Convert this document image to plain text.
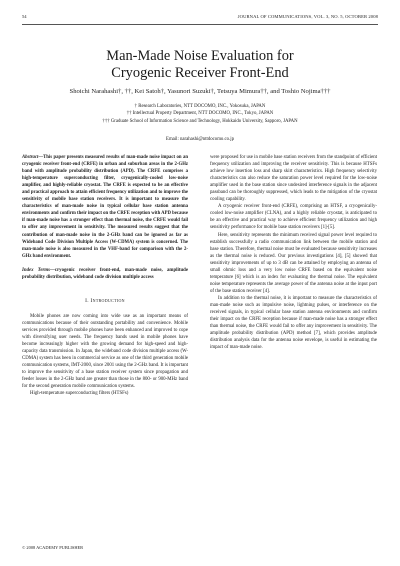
54	JOURNAL OF COMMUNICATIONS, VOL. 3, NO. 5, OCTOBER 2008
Man-Made Noise Evaluation for
Cryogenic Receiver Front-End
Shoichi Narahashi†, ††, Kei Satoh†, Yasunori Suzuki†, Tetsuya Mimura††, and Toshio Nojima†††
† Research Laboratories, NTT DOCOMO, INC., Yokosuka, JAPAN
†† Intellectual Property Department, NTT DOCOMO, INC., Tokyo, JAPAN
††† Graduate School of Information Science and Technology, Hokkaido University, Sapporo, JAPAN
Email: narahashi@nttdocomo.co.jp

Abstract—This paper presents measured results of man-made noise impact on an cryogenic receiver front-end (CRFE) in urban and suburban areas in the 2-GHz band with amplitude probability distribution (APD). The CRFE comprises a high-temperature superconducting filter, cryogenically-cooled low-noise amplifier, and highly-reliable cryostat. The CRFE is expected to be an effective and practical approach to attain efficient frequency utilization and to improve the sensitivity of mobile base station receivers. It is important to measure the characteristics of man-made noise in typical cellular base station antenna environments and confirm their impact on the CRFE reception with APD because if man-made noise has a stronger effect than thermal noise, the CRFE would fail to offer any improvement in sensitivity. The measured results suggest that the contribution of man-made noise in the 2-GHz band can be ignored as far as Wideband Code Division Multiple Access (W-CDMA) system is concerned. The man-made noise is also measured in the VHF-band for comparison with the 2-GHz band environment.

Index Terms—cryogenic receiver front-end, man-made noise, amplitude probability distribution, wideband code division multiple access

I. Introduction

Mobile phones are now coming into wide use as an important means of communications because of their outstanding portability and convenience. Mobile services provided through mobile phones have been enhanced and improved to cope with diversifying user needs. The frequency bands used in mobile phones have become increasingly higher with the growing demand for high-speed and high-capacity data transmission. In Japan, the wideband code division multiple access (W-CDMA) system has been in commercial service as one of the third generation mobile communication systems, IMT-2000, since 2001 using the 2-GHz band. It is important to improve the sensitivity of a base station receiver system since propagation and feeder losses in the 2-GHz band are greater than those in the 800- or 900-MHz band for the second generation mobile communication systems.

High-temperature superconducting filters (HTSFs)

were proposed for use in mobile base station receivers from the standpoint of efficient frequency utilization and improving the receiver sensitivity. This is because HTSFs achieve low insertion loss and sharp skirt characteristics. High frequency selectivity characteristics can also reduce the saturation power level required for the low-noise amplifier used in the base station since undesired interference signals in the adjacent passband can be thoroughly suppressed, which leads to the mitigation of the cryostat cooling capability.

A cryogenic receiver front-end (CRFE), comprising an HTSF, a cryogenically-cooled low-noise amplifier (CLNA), and a highly reliable cryostat, is anticipated to be an effective and practical way to achieve efficient frequency utilization and high sensitivity performance for mobile base station receivers [1]-[5].

Here, sensitivity represents the minimum received signal power level required to establish successfully a radio communication link between the mobile station and base station. Therefore, thermal noise must be evaluated because sensitivity increases as the thermal noise is reduced. Our previous investigations [4], [5] showed that sensitivity improvements of up to 3 dB can be attained by employing an antenna of small ohmic loss and a very low noise CRFE based on the equivalent noise temperature [6] which is an index for evaluating the thermal noise. The equivalent noise temperature represents the average power of the antenna noise at the input port of the base station receiver [4].

In addition to the thermal noise, it is important to measure the characteristics of man-made noise such as impulsive noise, lightning pulses, or interference on the received signals, in typical cellular base station antenna environments and confirm their impact on the CRFE reception because if man-made noise has a stronger effect than thermal noise, the CRFE would fail to offer any improvement in sensitivity. The amplitude probability distribution (APD) method [7], which provides amplitude distribution analysis data for the antenna noise envelope, is useful in estimating the impact of man-made noise.

© 2008 ACADEMY PUBLISHER
